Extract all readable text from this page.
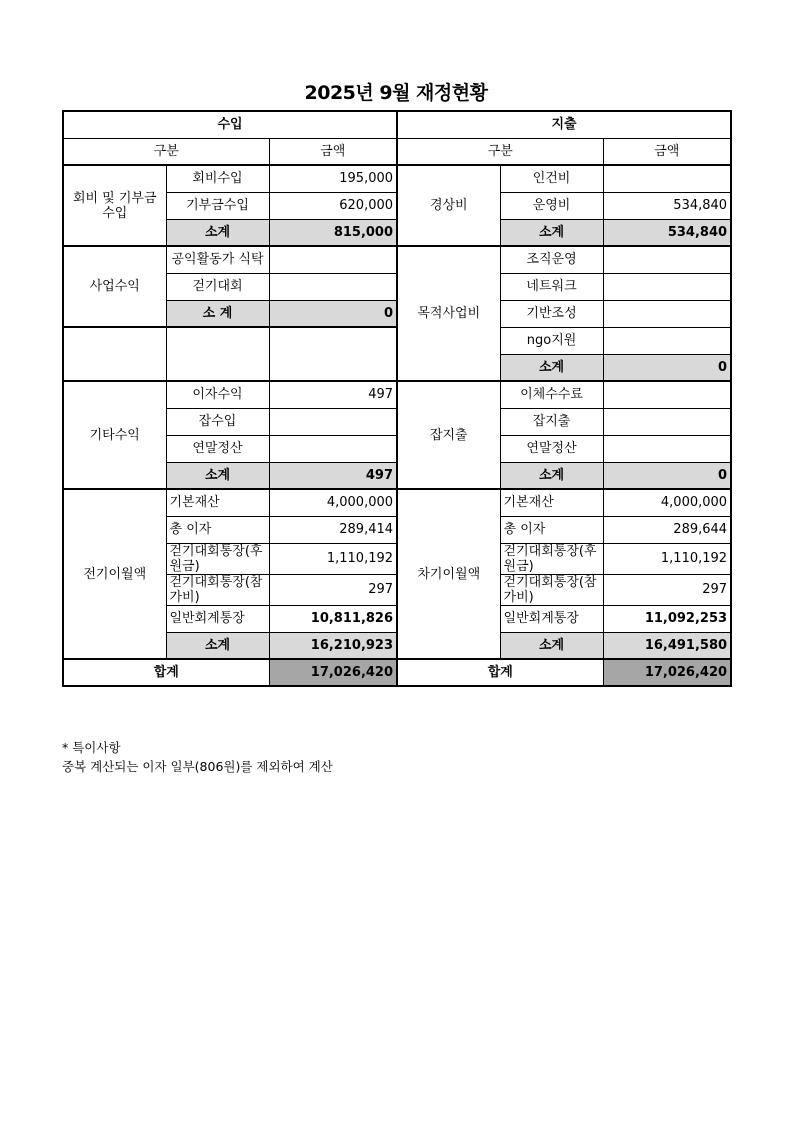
2025년 9월 재정현황
수입			지출		
구분		금액	구분		금액
회비 및 기부금 수입	회비수입	195,000	경상비	인건비	
	기부금수입	620,000		운영비	534,840
	소계	815,000		소계	534,840
사업수익	공익활동가 식탁		목적사업비	조직운영	
	걷기대회			네트워크	
	소 계	0		기반조성	
				ngo지원	
				소계	0
기타수익	이자수익	497	잡지출	이체수수료	
	잡수입			잡지출	
	연말정산			연말정산	
	소계	497		소계	0
전기이월액	기본재산	4,000,000	차기이월액	기본재산	4,000,000
	총 이자	289,414		총 이자	289,644
	걷기대회통장(후원금)	1,110,192		걷기대회통장(후원금)	1,110,192
	걷기대회통장(참가비)	297		걷기대회통장(참가비)	297
	일반회계통장	10,811,826		일반회계통장	11,092,253
	소계	16,210,923		소계	16,491,580
합계		17,026,420	합계		17,026,420
* 특이사항
중복 계산되는 이자 일부(806원)를 제외하여 계산
